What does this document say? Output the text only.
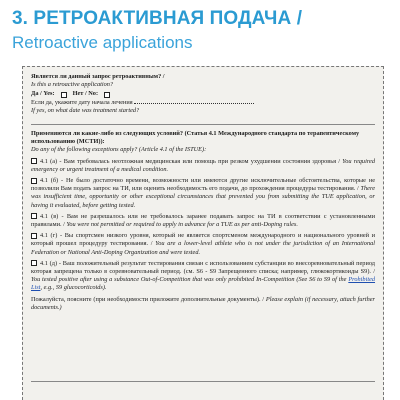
3. РЕТРОАКТИВНАЯ ПОДАЧА /
Retroactive applications
Является ли данный запрос ретроактивным? /
Is this a retroactive application?
Да / Yes:	Нет / No:
Если да, укажите дату начала лечения
If yes, on what date was treatment started?
Применяются ли какие-либо из следующих условий? (Статья 4.1 Международного стандарта по терапевтическому использованию (МСТИ)):
Do any of the following exceptions apply? (Article 4.1 of the ISTUE):
4.1 (а) - Вам требовалась неотложная медицинская или помощь при резком ухудшении состояния здоровья / You required emergency or urgent treatment of a medical condition.
4.1 (б) - Не было достаточно времени, возможности или имеются другие исключительные обстоятельства, которые не позволили Вам подать запрос на ТИ, или оценить необходимость его подачи, до прохождения процедуры тестирования. / There was insufficient time, opportunity or other exceptional circumstances that prevented you from submitting the TUE application, or having it evaluated, before getting tested.
4.1 (в) - Вам не разрешалось или не требовалось заранее подавать запрос на ТИ в соответствии с установленными правилами. / You were not permitted or required to apply in advance for a TUE as per anti-Doping rules.
4.1 (г) - Вы спортсмен низкого уровня, который не является спортсменом международного и национального уровней и который прошел процедуру тестирования. / You are a lower-level athlete who is not under the jurisdiction of an International Federation or National Anti-Doping Organization and were tested.
4.1 (д) - Ваш положительный результат тестирования связан с использованием субстанции во внесоревновательный период которая запрещена только в соревновательный период. (см. S6 - S9 Запрещенного списка; например, глюкокортикоиды S9). / You tested positive after using a substance Out-of-Competition that was only prohibited In-Competition (See S6 to S9 of the Prohibited List, e.g., S9 glucocorticoids).
Пожалуйста, поясните (при необходимости приложите дополнительные документы). / Please explain (if necessary, attach further documents.)
